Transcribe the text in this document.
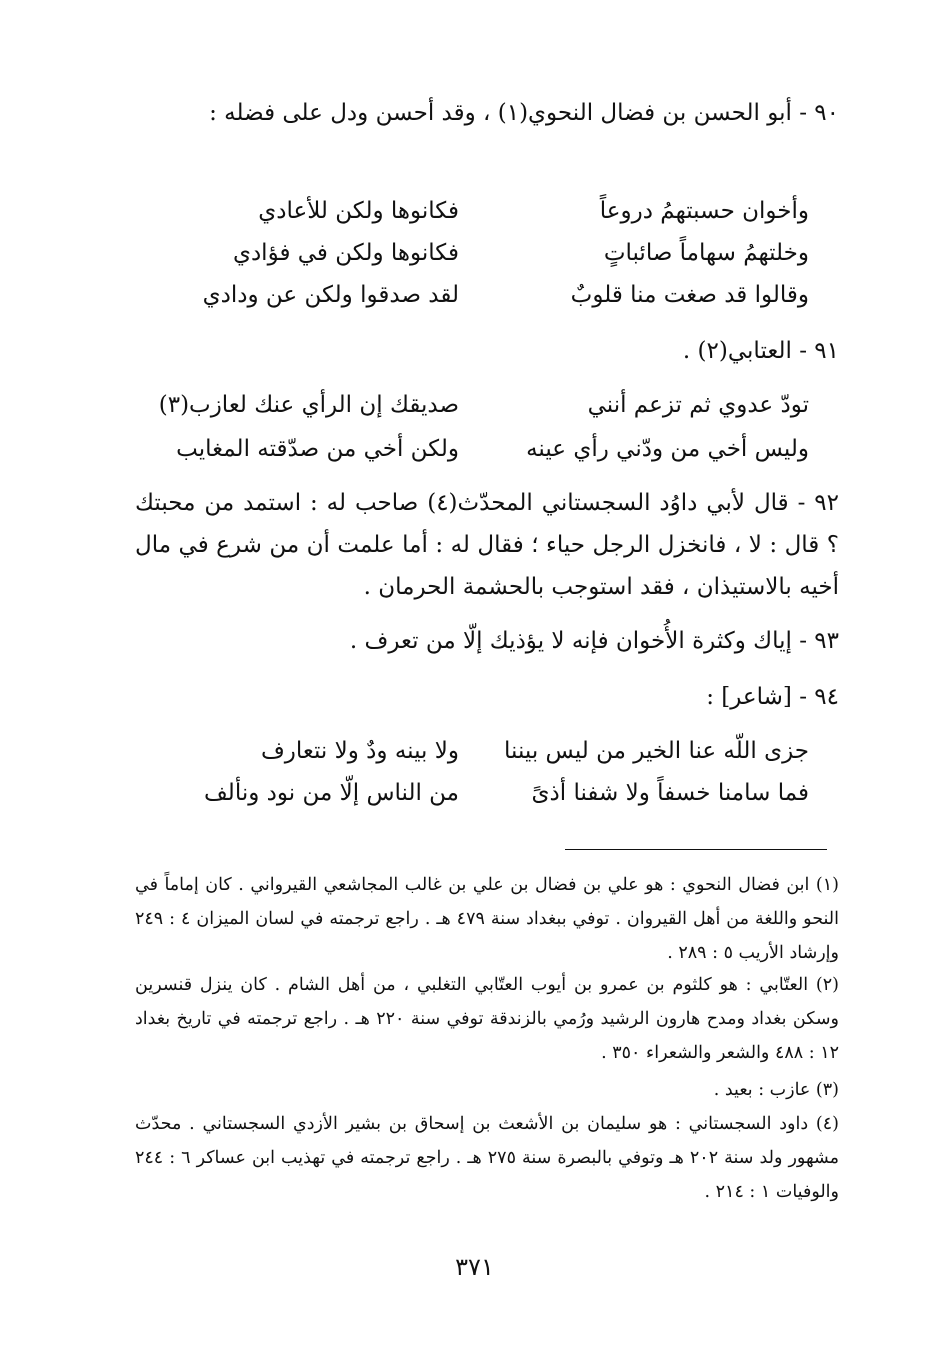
٩٠ - أبو الحسن بن فضال النحوي(١) ، وقد أحسن ودل على فضله :
وأخوان حسبتهمُ دروعاً
فكانوها ولكن للأعادي
وخلتهمُ سهاماً صائباتٍ
فكانوها ولكن في فؤادي
وقالوا قد صغت منا قلوبٌ
لقد صدقوا ولكن عن ودادي
٩١ - العتابي(٢) .
تودّ عدوي ثم تزعم أنني
صديقك إن الرأي عنك لعازب(٣)
وليس أخي من ودّني رأي عينه
ولكن أخي من صدّقته المغايب
٩٢ - قال لأبي داوُد السجستاني المحدّث(٤) صاحب له : استمد من محبتك ؟ قال : لا ، فانخزل الرجل حياء ؛ فقال له : أما علمت أن من شرع في مال أخيه بالاستيذان ، فقد استوجب بالحشمة الحرمان .
٩٣ - إياك وكثرة الأُخوان فإنه لا يؤذيك إلّا من تعرف .
٩٤ - [شاعر] :
جزى اللّه عنا الخير من ليس بيننا
ولا بينه ودٌ ولا نتعارف
فما سامنا خسفاً ولا شفنا أذىً
من الناس إلّا من نود ونألف
(١) ابن فضال النحوي : هو علي بن فضال بن علي بن غالب المجاشعي القيرواني . كان إماماً في النحو واللغة من أهل القيروان . توفي ببغداد سنة ٤٧٩ هـ . راجع ترجمته في لسان الميزان ٤ : ٢٤٩ وإرشاد الأريب ٥ : ٢٨٩ .
(٢) العتّابي : هو كلثوم بن عمرو بن أيوب العتّابي التغلبي ، من أهل الشام . كان ينزل قنسرين وسكن بغداد ومدح هارون الرشيد ورُمي بالزندقة توفي سنة ٢٢٠ هـ . راجع ترجمته في تاريخ بغداد ١٢ : ٤٨٨ والشعر والشعراء ٣٥٠ .
(٣) عازب : بعيد .
(٤) داود السجستاني : هو سليمان بن الأشعث بن إسحاق بن بشير الأزدي السجستاني . محدّث مشهور ولد سنة ٢٠٢ هـ وتوفي بالبصرة سنة ٢٧٥ هـ . راجع ترجمته في تهذيب ابن عساكر ٦ : ٢٤٤ والوفيات ١ : ٢١٤ .
٣٧١
